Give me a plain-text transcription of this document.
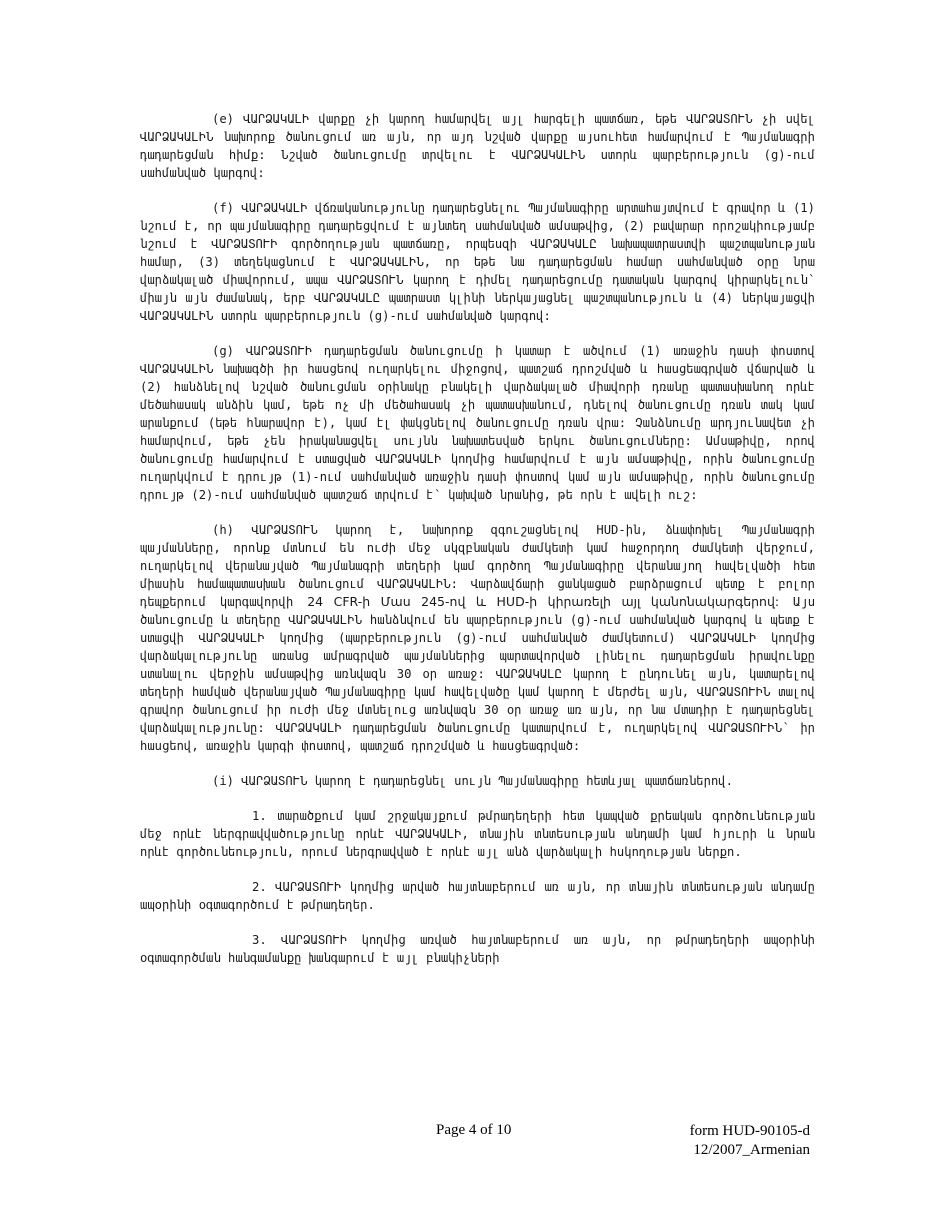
(e) ՎԱՐՁԱԿԱԼԻ վարքը չի կարող համարվել այլ հարգելի պատճառ, եթե ՎԱՐՁԱՏՈՒՆ չի սվել ՎԱՐՁԱԿԱԼԻՆ նախորոք ծանուցում առ այն, որ այդ նշված վարքը այսուհետ համարվում է Պայմանագրի դադարեցման հիմք: Նշված ծանուցումը տրվելու է ՎԱՐՁԱԿԱԼԻՆ ստորև պարբերություն (g)-ում սահմանված կարգով:

(f) ՎԱՐՁԱԿԱԼԻ վճռականությունը դադարեցնելու Պայմանագիրը արտահայտվում է գրավոր և (1) նշում է, որ պայմանագիրը դադարեցվում է այնտեղ սահմանված ամսաթվից, (2) բավարար որոշակիությամբ նշում է ՎԱՐՁԱՏՈՒԻ գործողության պատճառը, որպեսզի ՎԱՐՁԱԿԱԼԸ նախապատրաստվի պաշտպանության համար, (3) տեղեկացնում է ՎԱՐՁԱԿԱԼԻՆ, որ եթե նա դադարեցման համար սահմանված օրը նրա վարձակալած միավորում, ապա ՎԱՐՁԱՏՈՒՆ կարող է դիմել դադարեցումը դատական կարգով կիրարկելուն՝ միայն այն ժամանակ, երբ ՎԱՐՁԱԿԱԼԸ պատրաստ կլինի ներկայացնել պաշտպանություն և (4) ներկայացվի ՎԱՐՁԱԿԱԼԻՆ ստորև պարբերություն (g)-ում սահմանված կարգով:

(g) ՎԱՐՁԱՏՈՒԻ դադարեցման ծանուցումը ի կատար է ածվում (1) առաջին դասի փոստով ՎԱՐՁԱԿԱԼԻՆ նախագծի իր հասցեով ուղարկելու միջոցով, պատշաճ դրոշմված և հասցեագրված վճարված և (2) հանձնելով նշված ծանուցման օրինակը բնակելի վարձակալած միավորի դռանը պատասխանող որևէ մեծահասակ անձին կամ, եթե ոչ մի մեծահասակ չի պատասխանում, դնելով ծանուցումը դռան տակ կամ արանքում (եթե հնարավոր է), կամ էլ փակցնելով ծանուցումը դռան վրա: Չանձնումը արդյունավետ չի համարվում, եթե չեն իրականացվել սույնն նախատեսված երկու ծանուցումները: Ամսաթիվը, որով ծանուցումը համարվում է ստացված ՎԱՐՁԱԿԱԼԻ կողմից համարվում է այն ամսաթիվը, որին ծանուցումը ուղարկվում է դրույթ (1)-ում սահմանված առաջին դասի փոստով կամ այն ամսաթիվը, որին ծանուցումը դրույթ (2)-ում սահմանված պատշաճ տրվում է՝ կախված նրանից, թե որն է ավելի ուշ:

(h) ՎԱՐՁԱՏՈՒՆ կարող է, նախորոք զգուշացնելով HUD-ին, ձևափոխել Պայմանագրի պայմանները, որոնք մտնում են ուժի մեջ սկզբնական ժամկետի կամ հաջորդող ժամկետի վերջում, ուղարկելով վերանայված Պայմանագրի տեղերի կամ գործող Պայմանագիրը վերանայող հավելվածի հետ միասին համապատասխան ծանուցում ՎԱՐՁԱԿԱԼԻՆ: Վարձավճարի ցանկացած բարձրացում պետք է բոլոր դեպքերում կարգավորվի 24 CFR-ի Մաս 245-ով և HUD-ի կիրառելի այլ կանոնակարգերով: Այս ծանուցումը և տեղերը ՎԱՐՁԱԿԱԼԻՆ հանձնվում են պարբերություն (g)-ում սահմանված կարգով և պետք է ստացվի ՎԱՐՁԱԿԱԼԻ կողմից (պարբերություն (g)-ում սահմանված ժամկետում) ՎԱՐՁԱԿԱԼԻ կողմից վարձակալությունը առանց ամրագրված պայմաններից պարտավորված լինելու դադարեցման իրավունքը ստանալու վերջին ամսաթվից առնվազն 30 օր առաջ: ՎԱՐՁԱԿԱԼԸ կարող է ընդունել այն, կատարելով տեղերի համված վերանայված Պայմանագիրը կամ հավելվածը կամ կարող է մերժել այն, ՎԱՐՁԱՏՈՒԻՆ տալով գրավոր ծանուցում իր ուժի մեջ մտնելուց առնվազն 30 օր առաջ առ այն, որ նա մտադիր է դադարեցնել վարձակալությունը: ՎԱՐՁԱԿԱԼԻ դադարեցման ծանուցումը կատարվում է, ուղարկելով ՎԱՐՁԱՏՈՒԻՆ՝ իր հասցեով, առաջին կարգի փոստով, պատշաճ դրոշմված և հասցեագրված:

(i) ՎԱՐՁԱՏՈՒՆ կարող է դադարեցնել սույն Պայմանագիրը հետևյալ պատճառներով.

1. տարածքում կամ շրջակայքում թմրադեղերի հետ կապված քրեական գործունեության մեջ որևէ ներգրավվածությունը որևէ ՎԱՐՁԱԿԱԼԻ, տնային տնտեսության անդամի կամ հյուրի և նրան որևէ գործունեություն, որում ներգրավված է որևէ այլ անձ վարձակալի հսկողության ներքո.

2. ՎԱՐՁԱՏՈՒԻ կողմից արված հայտնաբերում առ այն, որ տնային տնտեսության անդամը ապօրինի օգտագործում է թմրադեղեր.

3. ՎԱՐՁԱՏՈՒԻ կողմից առված հայտնաբերում առ այն, որ թմրադեղերի ապօրինի օգտագործման հանգամանքը խանգարում է այլ բնակիչների

Page 4 of 10	form HUD-90105-d
12/2007_Armenian
